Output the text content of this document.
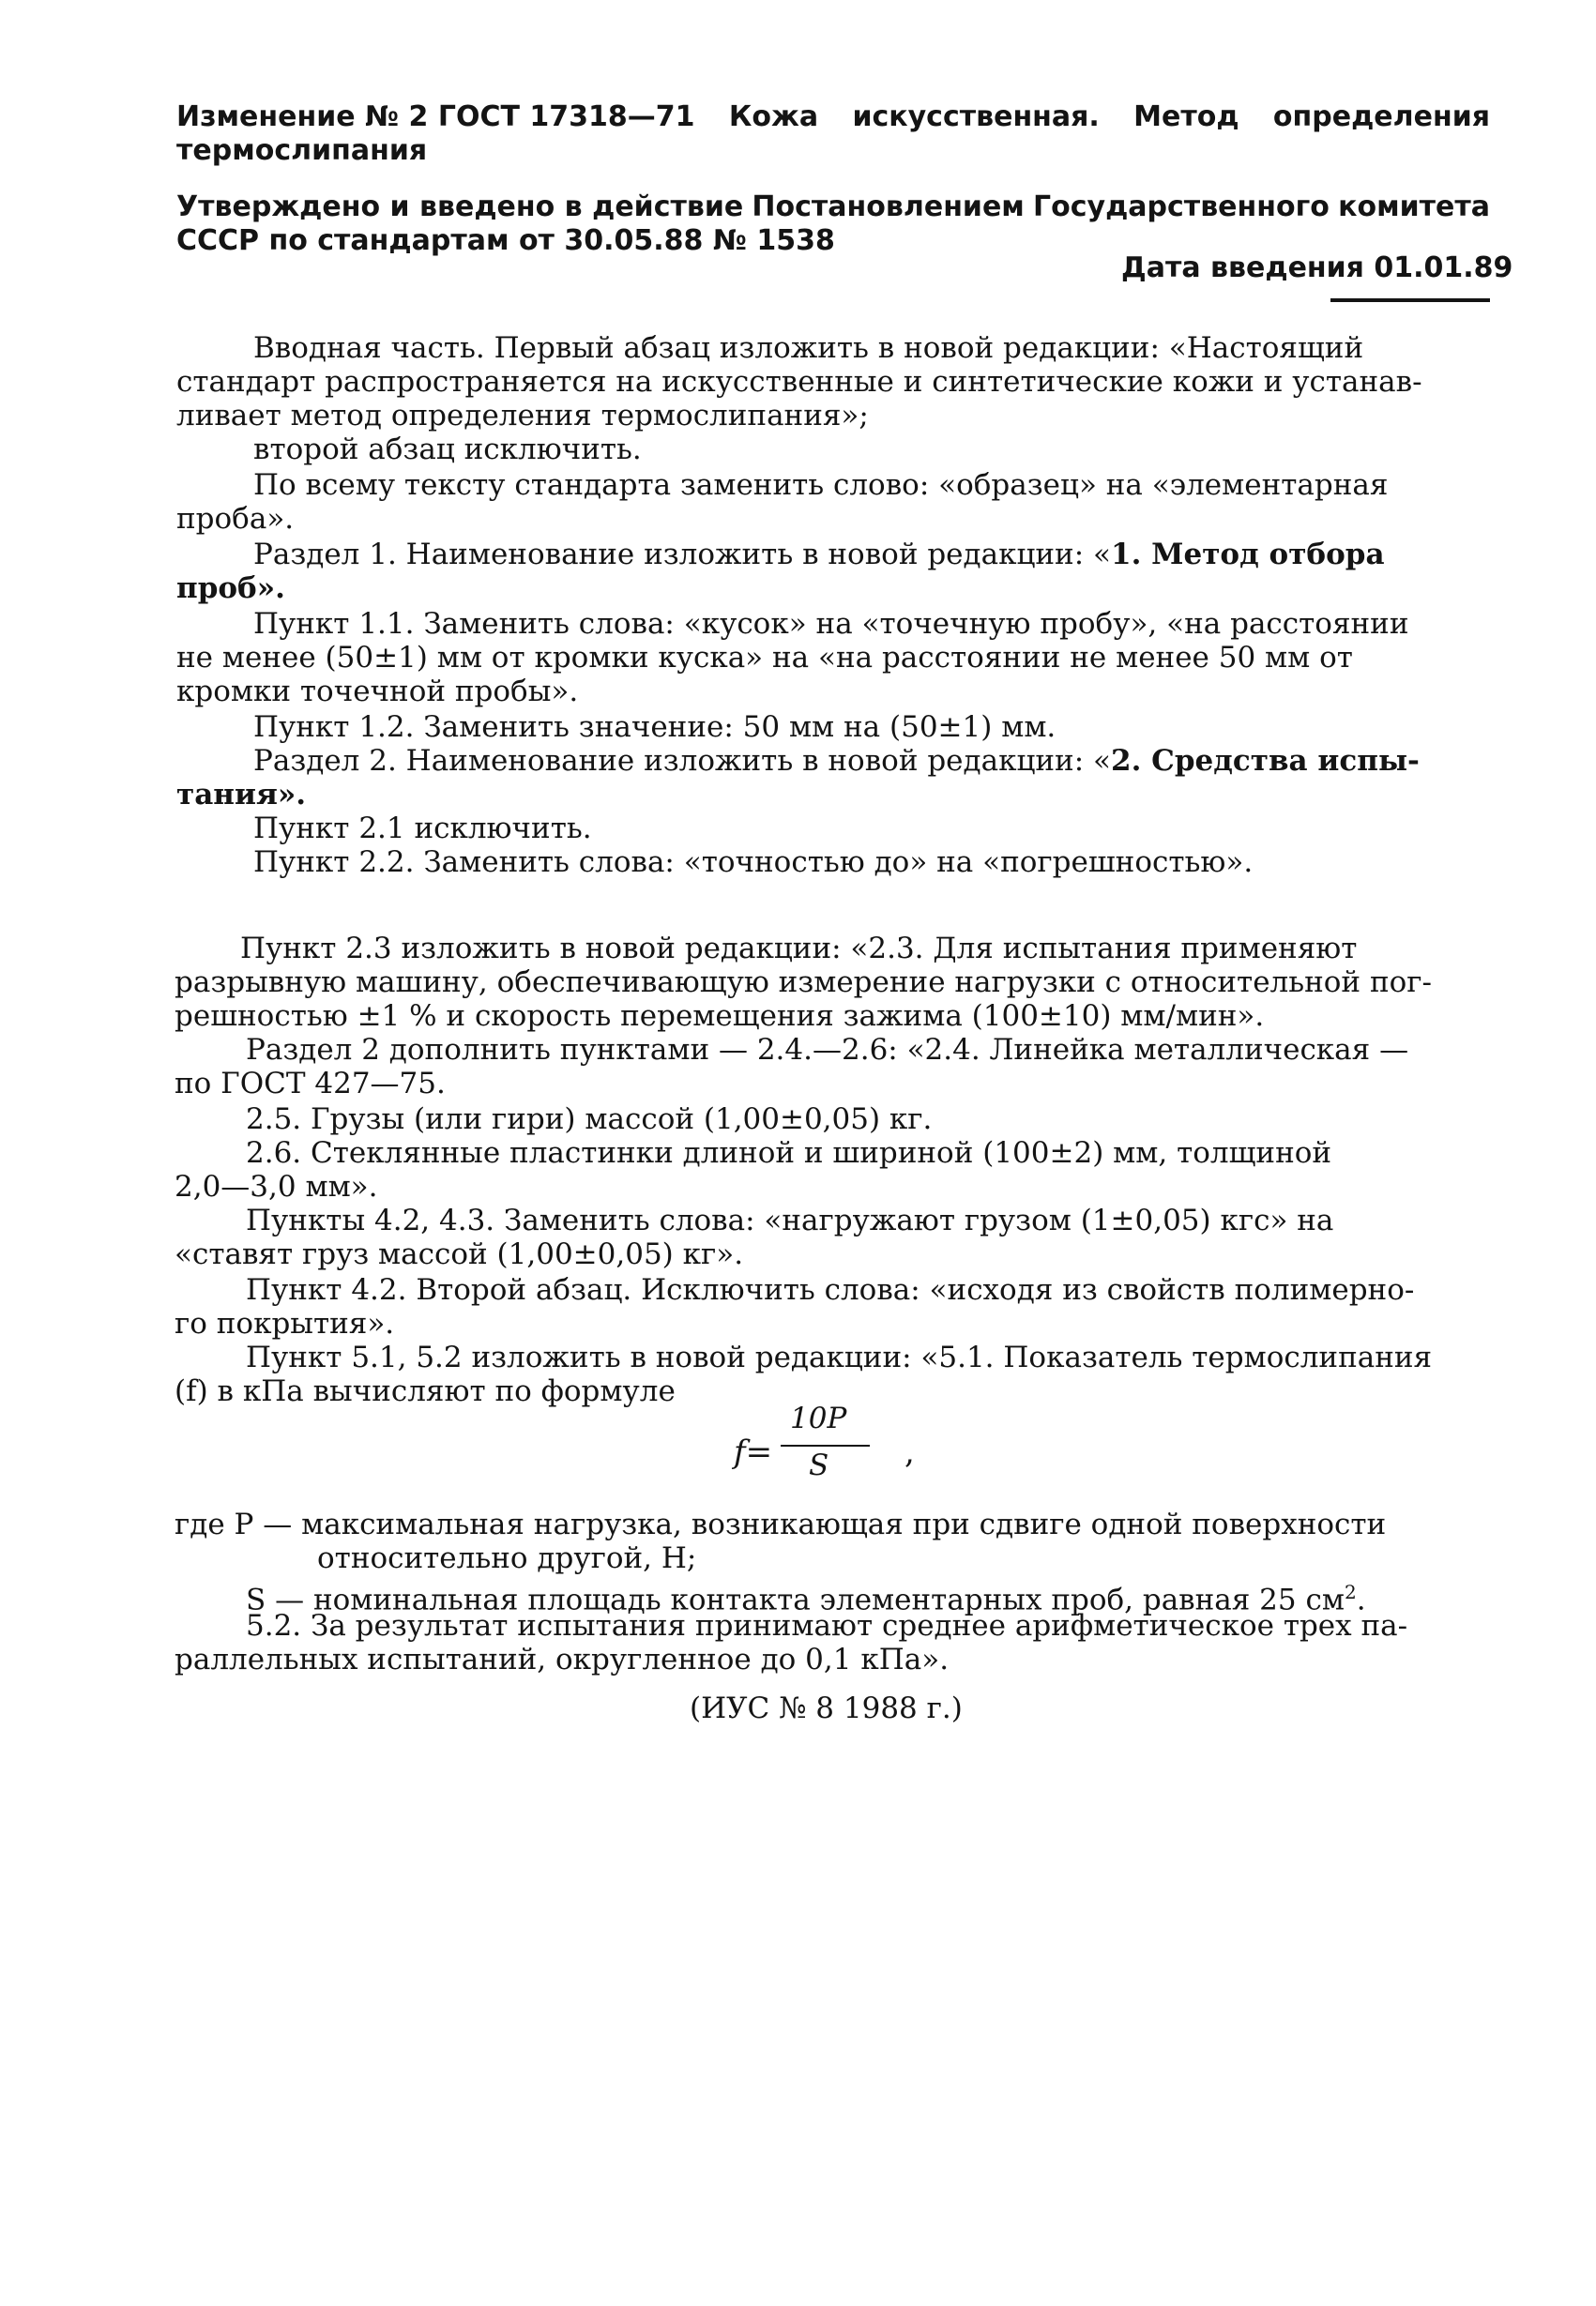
Изменение № 2 ГОСТ 17318—71 Кожа искусственная. Метод определения
термослипания
Утверждено и введено в действие Постановлением Государственного комитета
СССР по стандартам от 30.05.88 № 1538
Дата введения 01.01.89
Вводная часть. Первый абзац изложить в новой редакции: «Настоящий
стандарт распространяется на искусственные и синтетические кожи и устанав-
ливает метод определения термослипания»;
второй абзац исключить.
По всему тексту стандарта заменить слово: «образец» на «элементарная
проба».
Раздел 1. Наименование изложить в новой редакции: «1. Метод отбора
проб».
Пункт 1.1. Заменить слова: «кусок» на «точечную пробу», «на расстоянии
не менее (50±1) мм от кромки куска» на «на расстоянии не менее 50 мм от
кромки точечной пробы».
Пункт 1.2. Заменить значение: 50 мм на (50±1) мм.
Раздел 2. Наименование изложить в новой редакции: «2. Средства испы-
тания».
Пункт 2.1 исключить.
Пункт 2.2. Заменить слова: «точностью до» на «погрешностью».
Пункт 2.3 изложить в новой редакции: «2.3. Для испытания применяют
разрывную машину, обеспечивающую измерение нагрузки с относительной пог-
решностью ±1 % и скорость перемещения зажима (100±10) мм/мин».
Раздел 2 дополнить пунктами — 2.4.—2.6: «2.4. Линейка металлическая —
по ГОСТ 427—75.
2.5. Грузы (или гири) массой (1,00±0,05) кг.
2.6. Стеклянные пластинки длиной и шириной (100±2) мм, толщиной
2,0—3,0 мм».
Пункты 4.2, 4.3. Заменить слова: «нагружают грузом (1±0,05) кгс» на
«ставят груз массой (1,00±0,05) кг».
Пункт 4.2. Второй абзац. Исключить слова: «исходя из свойств полимерно-
го покрытия».
Пункт 5.1, 5.2 изложить в новой редакции: «5.1. Показатель термослипания
(f) в кПа вычисляют по формуле
f=
10P
S ,
где P — максимальная нагрузка, возникающая при сдвиге одной поверхности
относительно другой, Н;
S — номинальная площадь контакта элементарных проб, равная 25 $см^2$.
5.2. За результат испытания принимают среднее арифметическое трех па-
раллельных испытаний, округленное до 0,1 кПа».
(ИУС № 8 1988 г.)
